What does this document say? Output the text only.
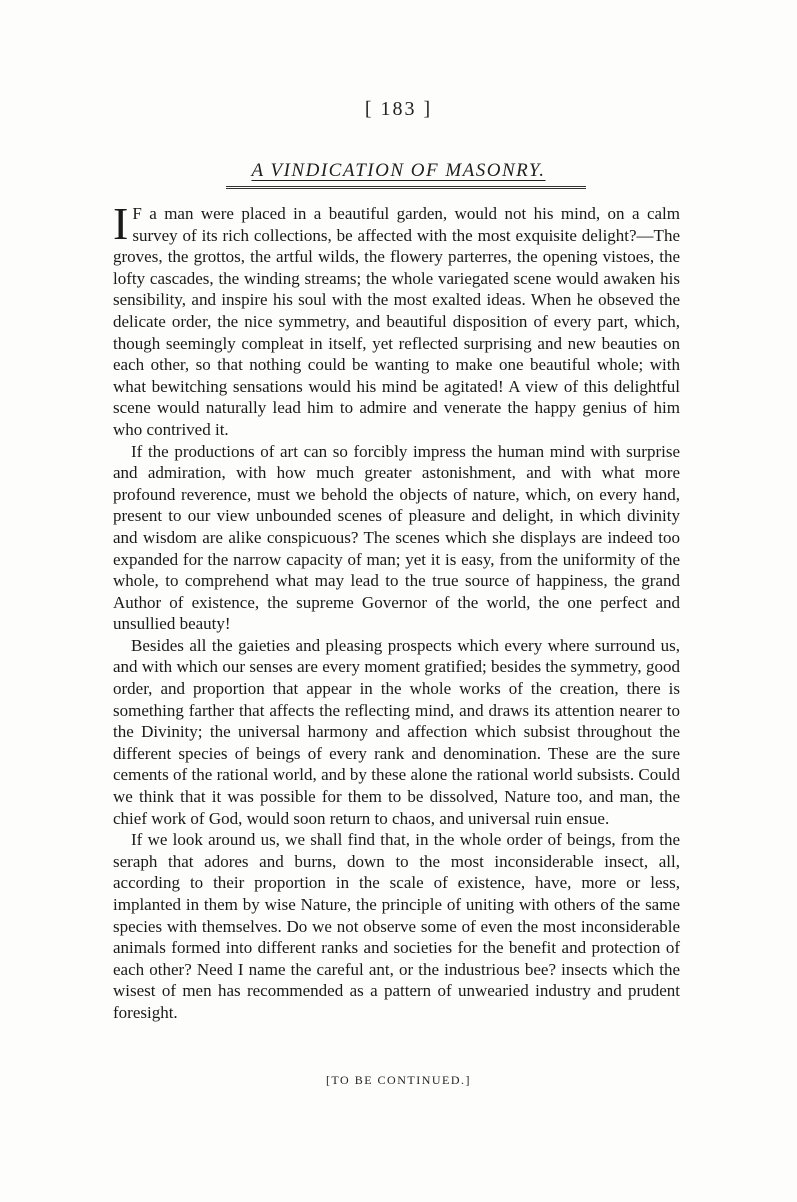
[ 183 ]
A VINDICATION OF MASONRY.

I F a man were placed in a beautiful garden, would not his mind, on a calm survey of its rich collections, be affected with the most exquisite delight?—The groves, the grottos, the artful wilds, the flowery parterres, the opening vistoes, the lofty cascades, the winding streams; the whole variegated scene would awaken his sensibility, and inspire his soul with the most exalted ideas. When he obseved the delicate order, the nice symmetry, and beautiful disposition of every part, which, though seemingly compleat in itself, yet reflected surprising and new beauties on each other, so that nothing could be wanting to make one beautiful whole; with what bewitching sensations would his mind be agitated! A view of this delightful scene would naturally lead him to admire and venerate the happy genius of him who contrived it.

If the productions of art can so forcibly impress the human mind with surprise and admiration, with how much greater astonishment, and with what more profound reverence, must we behold the objects of nature, which, on every hand, present to our view unbounded scenes of pleasure and delight, in which divinity and wisdom are alike conspicuous? The scenes which she displays are indeed too expanded for the narrow capacity of man; yet it is easy, from the uniformity of the whole, to comprehend what may lead to the true source of happiness, the grand Author of existence, the supreme Governor of the world, the one perfect and unsullied beauty!

Besides all the gaieties and pleasing prospects which every where surround us, and with which our senses are every moment gratified; besides the symmetry, good order, and proportion that appear in the whole works of the creation, there is something farther that affects the reflecting mind, and draws its attention nearer to the Divinity; the universal harmony and affection which subsist throughout the different species of beings of every rank and denomination. These are the sure cements of the rational world, and by these alone the rational world subsists. Could we think that it was possible for them to be dissolved, Nature too, and man, the chief work of God, would soon return to chaos, and universal ruin ensue.

If we look around us, we shall find that, in the whole order of beings, from the seraph that adores and burns, down to the most inconsiderable insect, all, according to their proportion in the scale of existence, have, more or less, implanted in them by wise Nature, the principle of uniting with others of the same species with themselves. Do we not observe some of even the most inconsiderable animals formed into different ranks and societies for the benefit and protection of each other? Need I name the careful ant, or the industrious bee? insects which the wisest of men has recommended as a pattern of unwearied industry and prudent foresight.

[TO BE CONTINUED.]
